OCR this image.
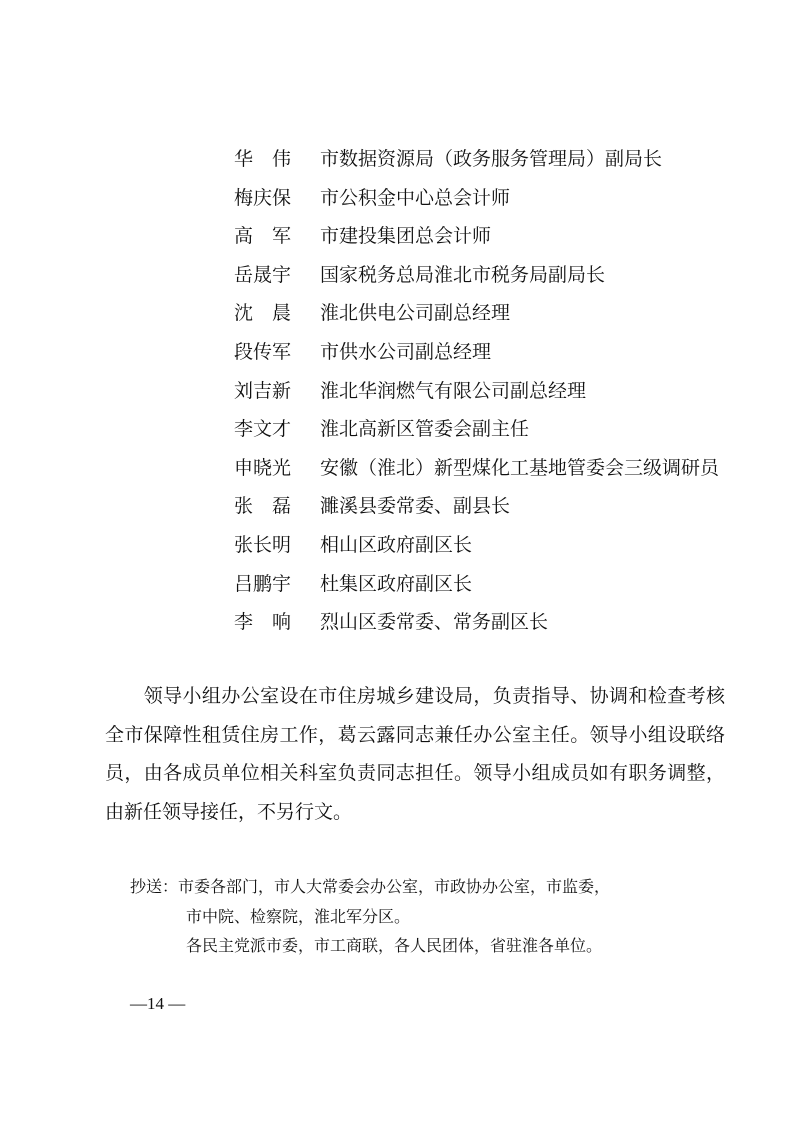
华　伟	市数据资源局（政务服务管理局）副局长
梅庆保	市公积金中心总会计师
高　军	市建投集团总会计师
岳晟宇	国家税务总局淮北市税务局副局长
沈　晨	淮北供电公司副总经理
段传军	市供水公司副总经理
刘吉新	淮北华润燃气有限公司副总经理
李文才	淮北高新区管委会副主任
申晓光	安徽（淮北）新型煤化工基地管委会三级调研员
张　磊	濉溪县委常委、副县长
张长明	相山区政府副区长
吕鹏宇	杜集区政府副区长
李　响	烈山区委常委、常务副区长

　　领导小组办公室设在市住房城乡建设局，负责指导、协调和检查考核全市保障性租赁住房工作，葛云露同志兼任办公室主任。领导小组设联络员，由各成员单位相关科室负责同志担任。领导小组成员如有职务调整，由新任领导接任，不另行文。

抄送：市委各部门，市人大常委会办公室，市政协办公室，市监委，
市中院、检察院，淮北军分区。
各民主党派市委，市工商联，各人民团体，省驻淮各单位。
—14 —
